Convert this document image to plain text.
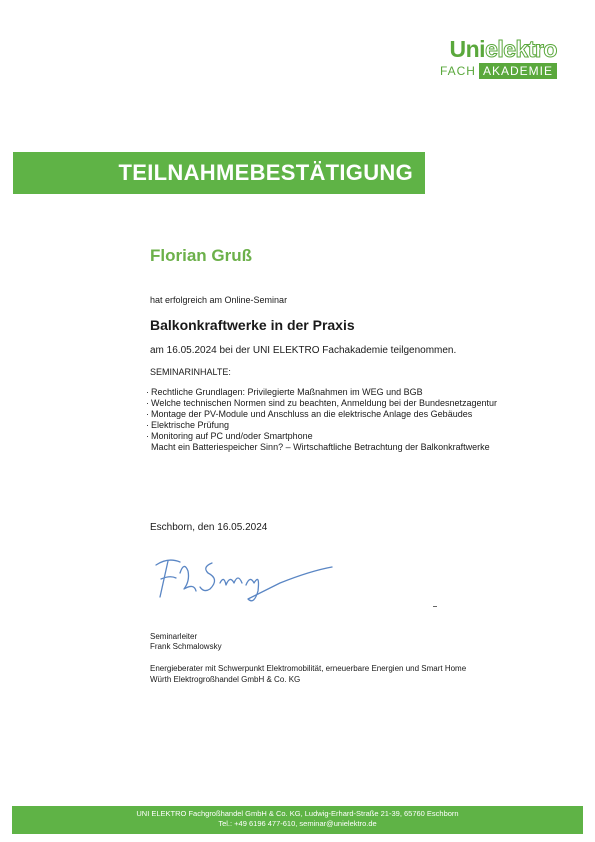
Unielektro
FACH AKADEMIE
TEILNAHMEBESTÄTIGUNG
Florian Gruß
hat erfolgreich am Online-Seminar
Balkonkraftwerke in der Praxis
am 16.05.2024 bei der UNI ELEKTRO Fachakademie teilgenommen.
SEMINARINHALTE:
· Rechtliche Grundlagen: Privilegierte Maßnahmen im WEG und BGB
· Welche technischen Normen sind zu beachten, Anmeldung bei der Bundesnetzagentur
· Montage der PV-Module und Anschluss an die elektrische Anlage des Gebäudes
· Elektrische Prüfung
· Monitoring auf PC und/oder Smartphone
Macht ein Batteriespeicher Sinn? – Wirtschaftliche Betrachtung der Balkonkraftwerke
Eschborn, den 16.05.2024
Seminarleiter
Frank Schmalowsky
Energieberater mit Schwerpunkt Elektromobilität, erneuerbare Energien und Smart Home
Würth Elektrogroßhandel GmbH & Co. KG
UNI ELEKTRO Fachgroßhandel GmbH & Co. KG, Ludwig-Erhard-Straße 21-39, 65760 Eschborn
Tel.: +49 6196 477-610, seminar@unielektro.de
